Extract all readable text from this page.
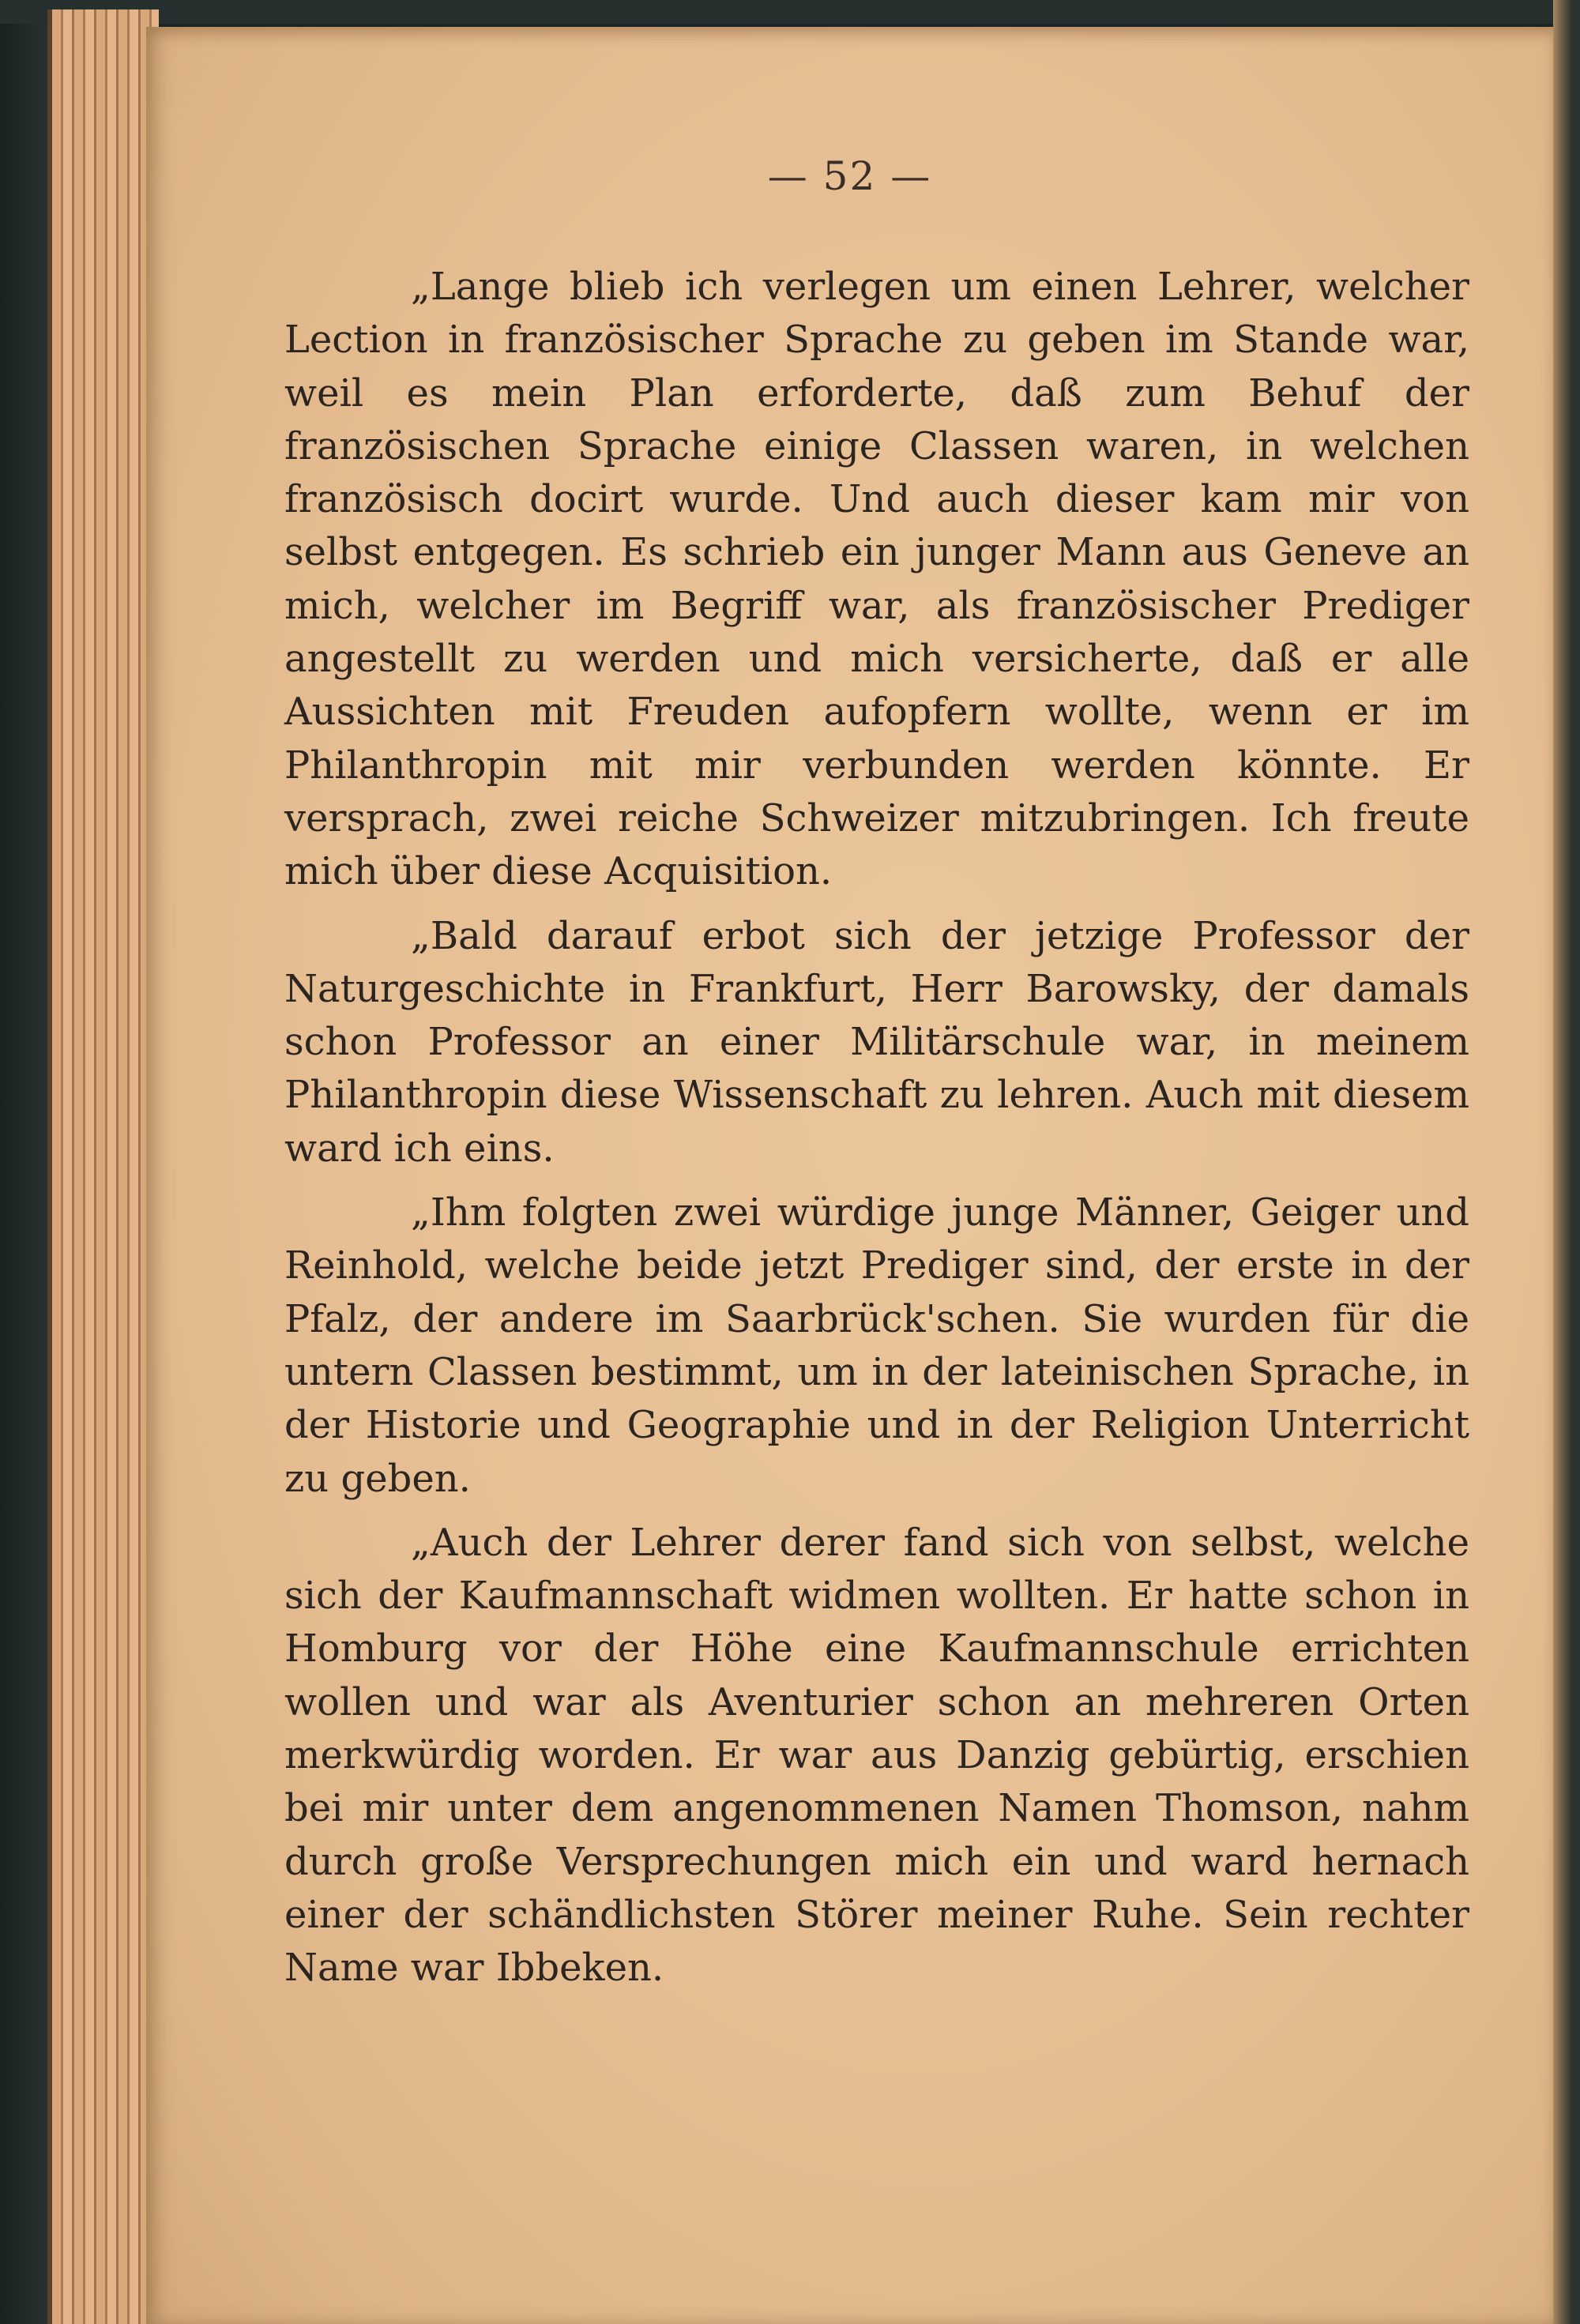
— 52 —

„Lange blieb ich verlegen um einen Lehrer, welcher Lection in französischer Sprache zu geben im Stande war, weil es mein Plan erforderte, daß zum Behuf der französischen Sprache einige Classen waren, in welchen französisch docirt wurde. Und auch dieser kam mir von selbst entgegen. Es schrieb ein junger Mann aus Geneve an mich, welcher im Begriff war, als französischer Prediger angestellt zu werden und mich versicherte, daß er alle Aussichten mit Freuden aufopfern wollte, wenn er im Philanthropin mit mir verbunden werden könnte. Er versprach, zwei reiche Schweizer mitzubringen. Ich freute mich über diese Acquisition.

„Bald darauf erbot sich der jetzige Professor der Naturgeschichte in Frankfurt, Herr Barowsky, der damals schon Professor an einer Militärschule war, in meinem Philanthropin diese Wissenschaft zu lehren. Auch mit diesem ward ich eins.

„Ihm folgten zwei würdige junge Männer, Geiger und Reinhold, welche beide jetzt Prediger sind, der erste in der Pfalz, der andere im Saarbrück'schen. Sie wurden für die untern Classen bestimmt, um in der lateinischen Sprache, in der Historie und Geographie und in der Religion Unterricht zu geben.

„Auch der Lehrer derer fand sich von selbst, welche sich der Kaufmannschaft widmen wollten. Er hatte schon in Homburg vor der Höhe eine Kaufmannschule errichten wollen und war als Aventurier schon an mehreren Orten merkwürdig worden. Er war aus Danzig gebürtig, erschien bei mir unter dem angenommenen Namen Thomson, nahm durch große Versprechungen mich ein und ward hernach einer der schändlichsten Störer meiner Ruhe. Sein rechter Name war Ibbeken.
